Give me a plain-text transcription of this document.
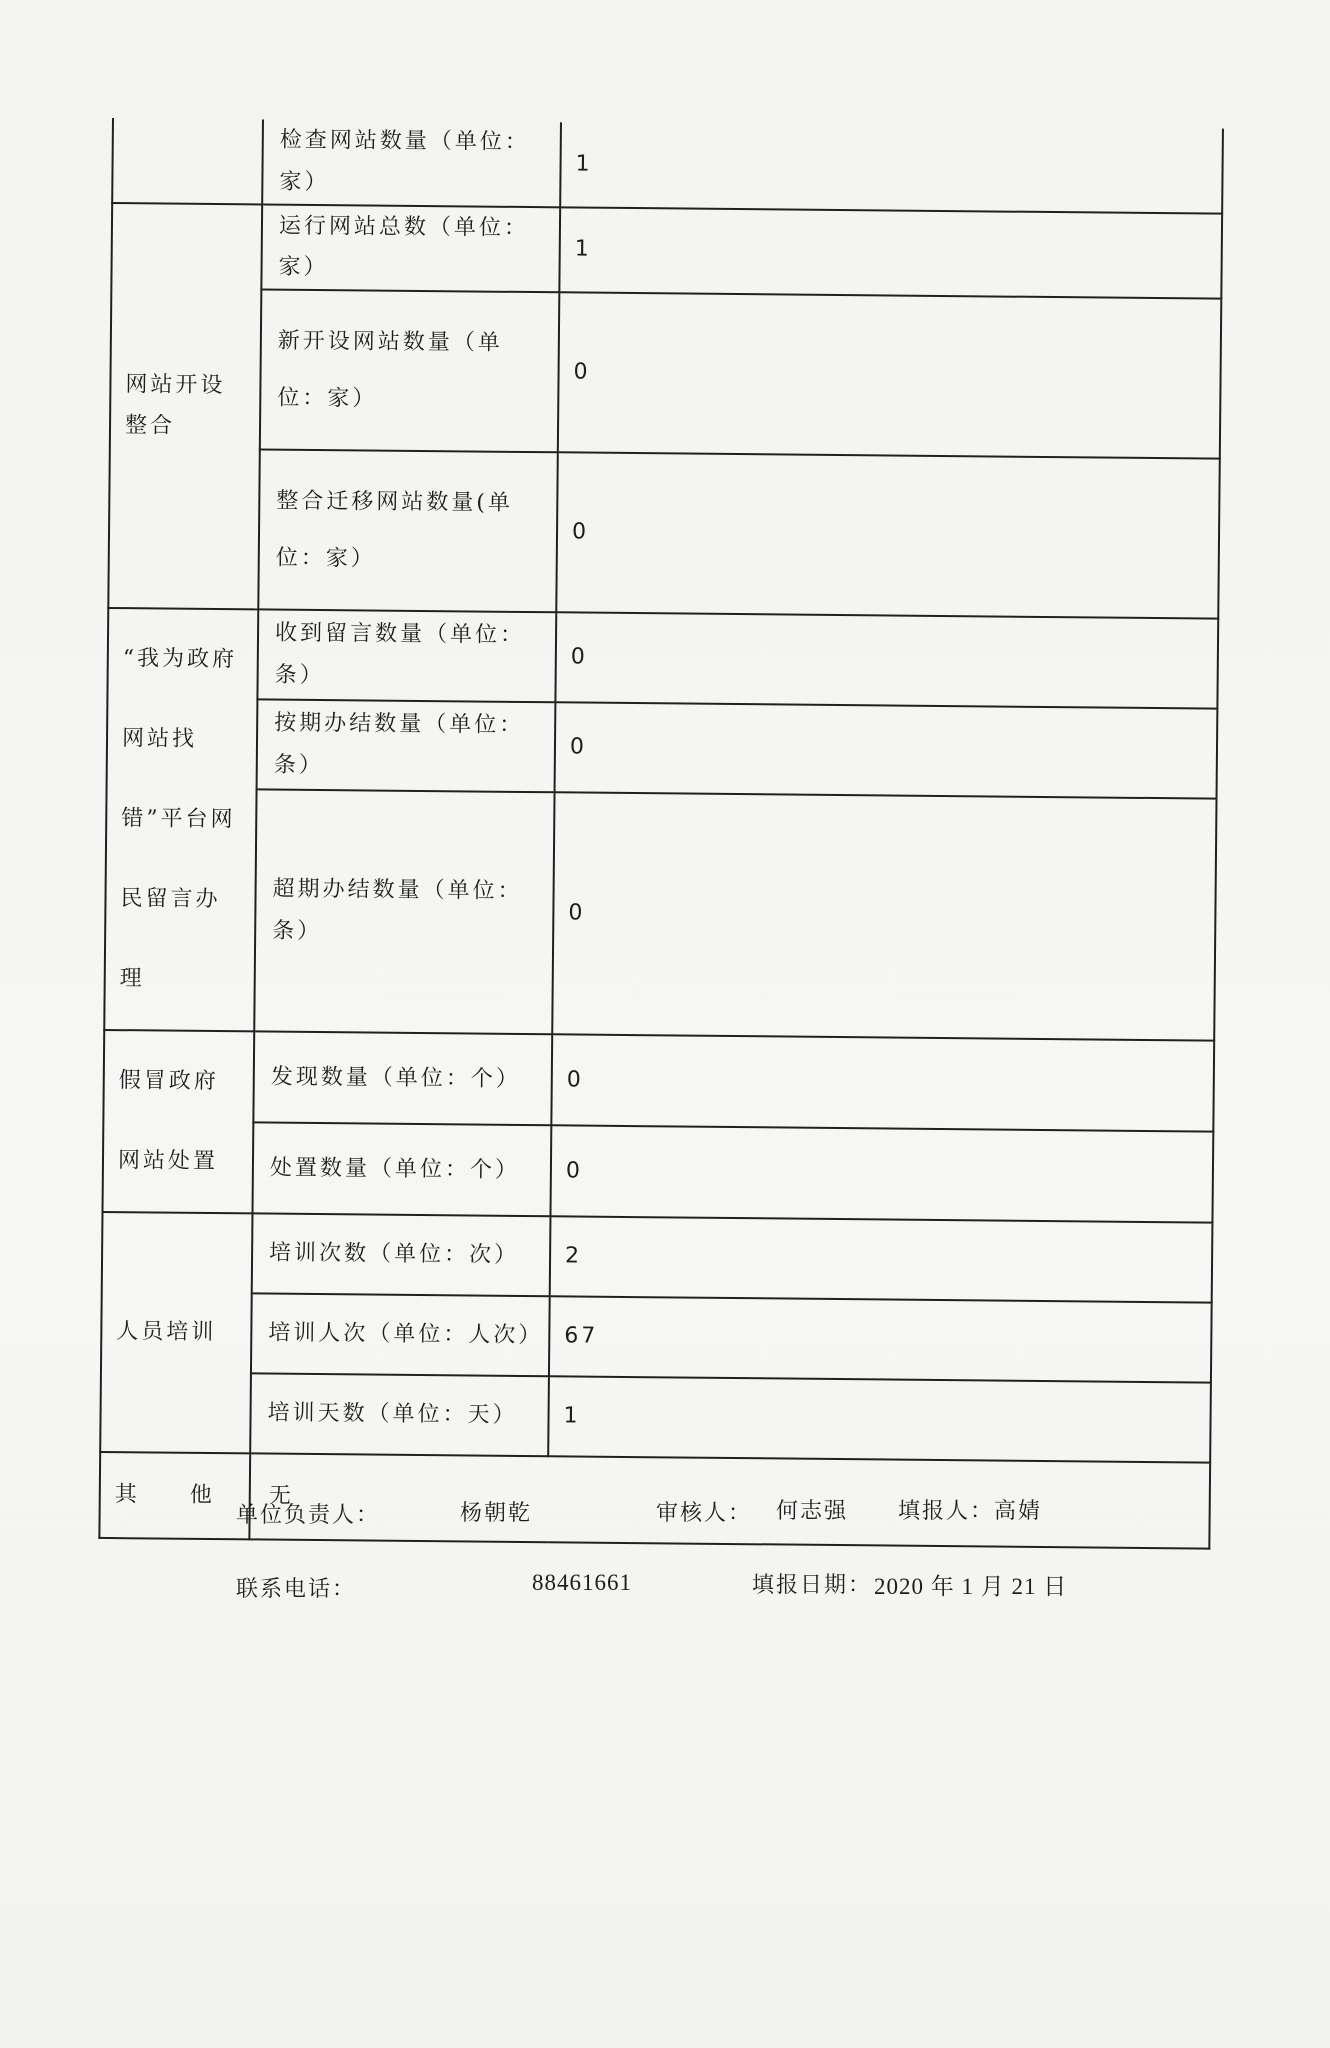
	检查网站数量（单位：家）	1
网站开设整合	运行网站总数（单位：家）	1
	新开设网站数量（单位：家）	0
	整合迁移网站数量(单位：家）	0
“我为政府网站找错”平台网民留言办理	收到留言数量（单位：条）	0
	按期办结数量（单位：条）	0
	超期办结数量（单位：条）	0
假冒政府网站处置	发现数量（单位：个）	0
	处置数量（单位：个）	0
人员培训	培训次数（单位：次）	2
	培训人次（单位：人次）	67
	培训天数（单位：天）	1
其　　他	无	
单位负责人：	杨朝乾	审核人： 何志强 填报人： 高婧
联系电话：	88461661	填报日期： 2020 年 1 月 21 日
